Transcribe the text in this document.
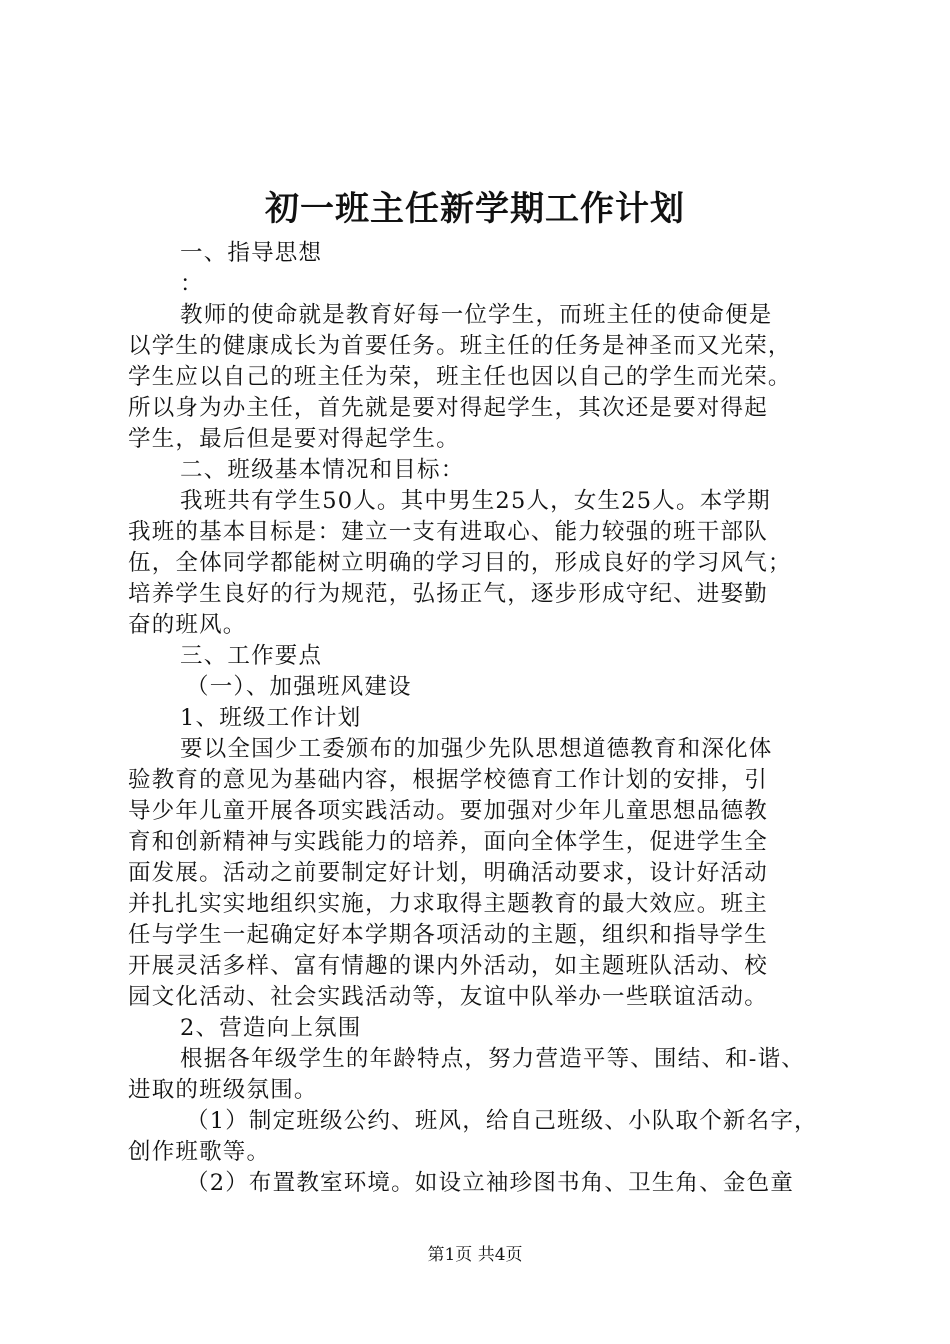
初一班主任新学期工作计划
一、指导思想
：
教师的使命就是教育好每一位学生，而班主任的使命便是
以学生的健康成长为首要任务。班主任的任务是神圣而又光荣，
学生应以自己的班主任为荣，班主任也因以自己的学生而光荣。
所以身为办主任，首先就是要对得起学生，其次还是要对得起
学生，最后但是要对得起学生。
二、班级基本情况和目标：
我班共有学生50人。其中男生25人，女生25人。本学期
我班的基本目标是：建立一支有进取心、能力较强的班干部队
伍，全体同学都能树立明确的学习目的，形成良好的学习风气；
培养学生良好的行为规范，弘扬正气，逐步形成守纪、进娶勤
奋的班风。
三、工作要点
（一）、加强班风建设
1、班级工作计划
要以全国少工委颁布的加强少先队思想道德教育和深化体
验教育的意见为基础内容，根据学校德育工作计划的安排，引
导少年儿童开展各项实践活动。要加强对少年儿童思想品德教
育和创新精神与实践能力的培养，面向全体学生，促进学生全
面发展。活动之前要制定好计划，明确活动要求，设计好活动
并扎扎实实地组织实施，力求取得主题教育的最大效应。班主
任与学生一起确定好本学期各项活动的主题，组织和指导学生
开展灵活多样、富有情趣的课内外活动，如主题班队活动、校
园文化活动、社会实践活动等，友谊中队举办一些联谊活动。
2、营造向上氛围
根据各年级学生的年龄特点，努力营造平等、围结、和-谐、
进取的班级氛围。
（1）制定班级公约、班风，给自己班级、小队取个新名字，
创作班歌等。
（2）布置教室环境。如设立袖珍图书角、卫生角、金色童
第1页 共4页
